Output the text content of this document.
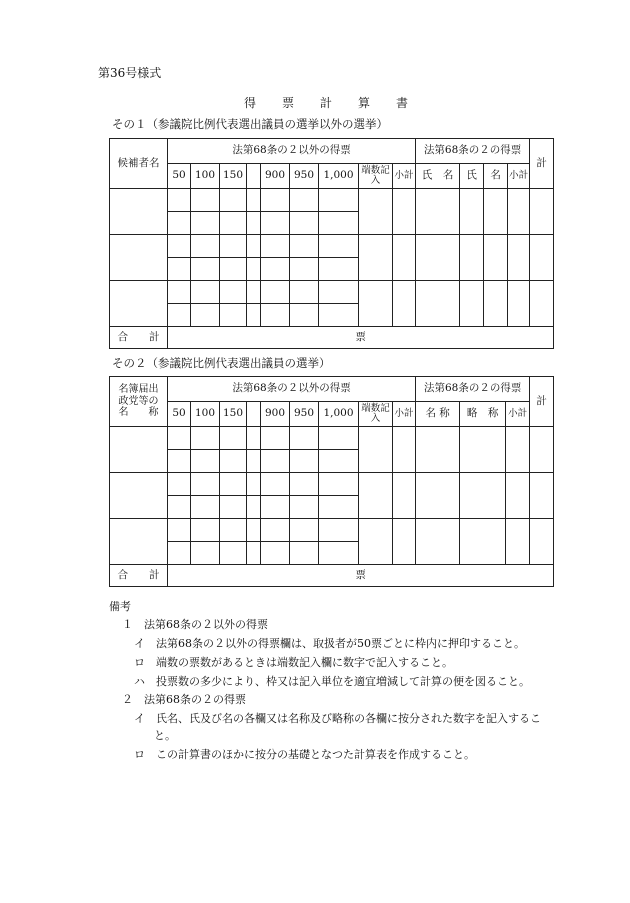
第36号様式
得 票 計 算 書
その１（参議院比例代表選出議員の選挙以外の選挙）
候補者名	法第68条の２以外の得票									法第68条の２の得票				計
	50	100	150		900	950	1,000	端数記入	小計	氏　名	氏	名	小計	

合　　計	票													
その２（参議院比例代表選出議員の選挙）
名簿届出
政党等の
名　　称	法第68条の２以外の得票									法第68条の２の得票			計
	50	100	150		900	950	1,000	端数記入	小計	名 称	略　称	小計	

合　　計	票												
備考
１　法第68条の２以外の得票
イ　法第68条の２以外の得票欄は、取扱者が50票ごとに枠内に押印すること。
ロ　端数の票数があるときは端数記入欄に数字で記入すること。
ハ　投票数の多少により、枠又は記入単位を適宜増減して計算の便を図ること。
２　法第68条の２の得票
イ　氏名、氏及び名の各欄又は名称及び略称の各欄に按分された数字を記入するこ
と。
ロ　この計算書のほかに按分の基礎となつた計算表を作成すること。
